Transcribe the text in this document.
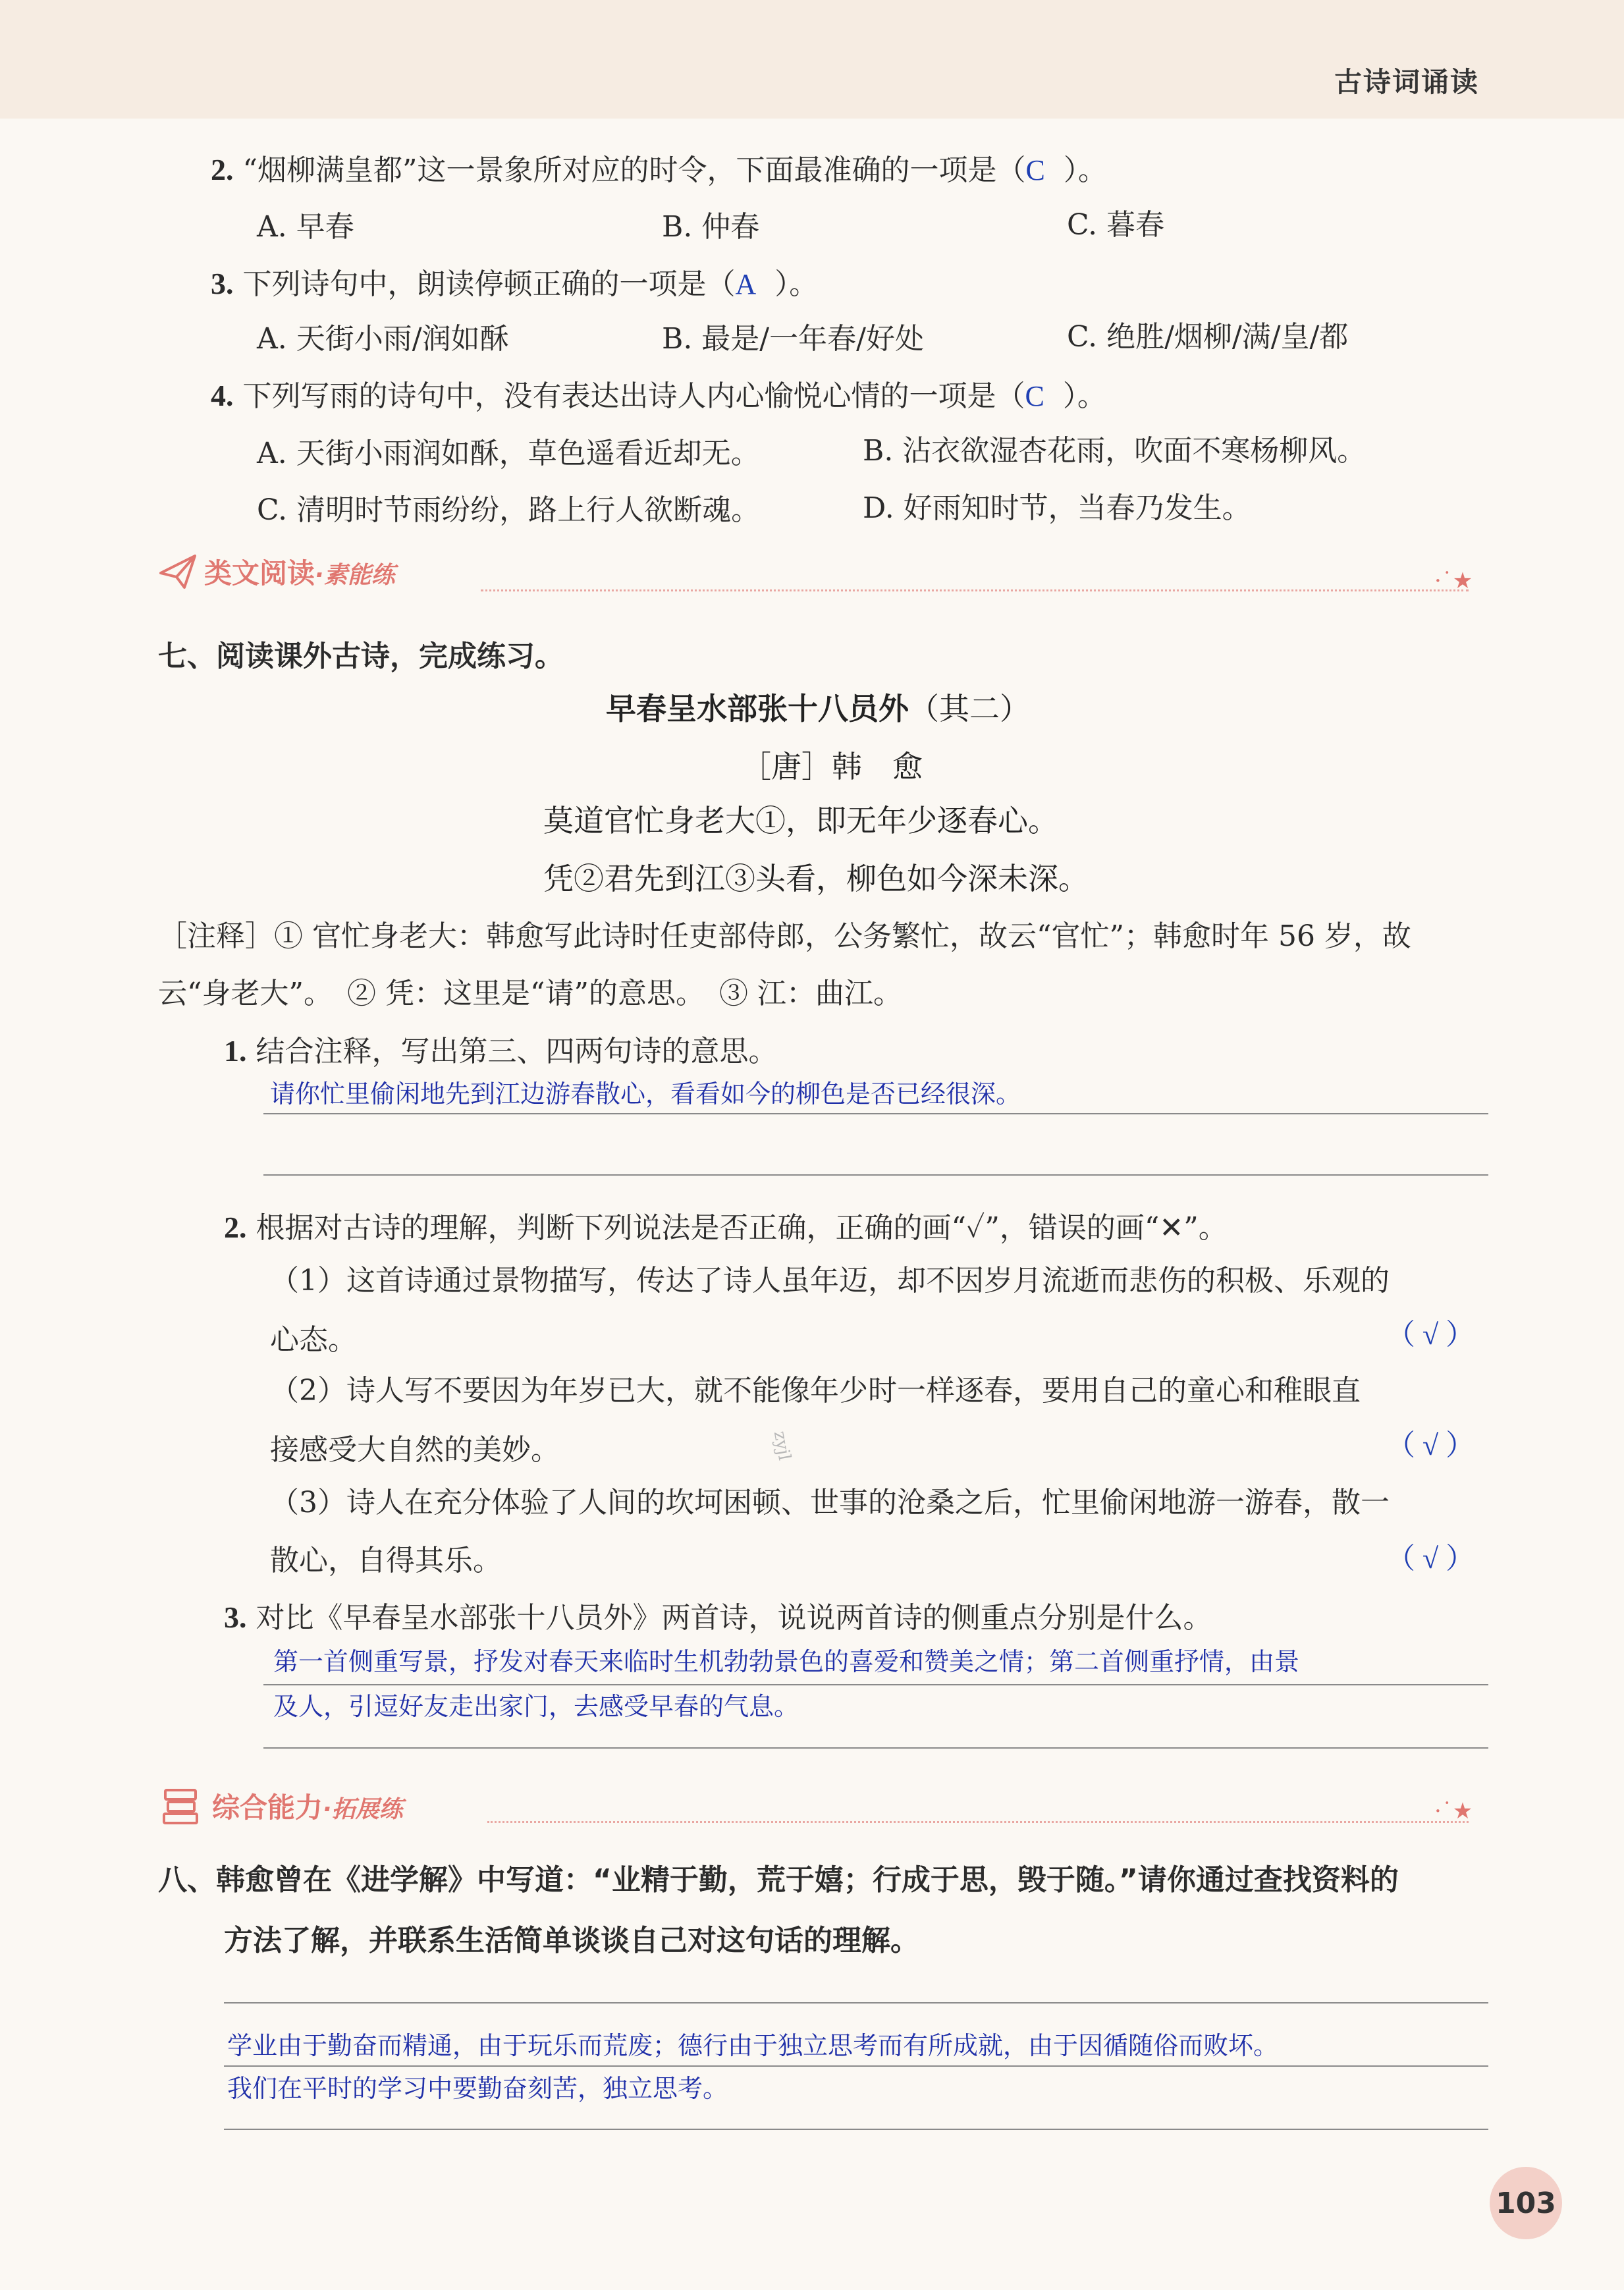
古诗词诵读
2. “烟柳满皇都”这一景象所对应的时令，下面最准确的一项是（C ）。
A. 早春	B. 仲春	C. 暮春
3. 下列诗句中，朗读停顿正确的一项是（A ）。
A. 天街小雨/润如酥	B. 最是/一年春/好处	C. 绝胜/烟柳/满/皇/都
4. 下列写雨的诗句中，没有表达出诗人内心愉悦心情的一项是（C ）。
A. 天街小雨润如酥，草色遥看近却无。	B. 沾衣欲湿杏花雨，吹面不寒杨柳风。
C. 清明时节雨纷纷，路上行人欲断魂。	D. 好雨知时节，当春乃发生。
类文阅读·素能练	·˙★
七、阅读课外古诗，完成练习。
早春呈水部张十八员外（其二）
［唐］韩　愈
莫道官忙身老大①，即无年少逐春心。
凭②君先到江③头看，柳色如今深未深。
［注释］① 官忙身老大：韩愈写此诗时任吏部侍郎，公务繁忙，故云“官忙”；韩愈时年 56 岁，故
云“身老大”。　② 凭：这里是“请”的意思。　③ 江：曲江。
1. 结合注释，写出第三、四两句诗的意思。
请你忙里偷闲地先到江边游春散心，看看如今的柳色是否已经很深。
2. 根据对古诗的理解，判断下列说法是否正确，正确的画“✓”，错误的画“✕”。
（1）这首诗通过景物描写，传达了诗人虽年迈，却不因岁月流逝而悲伤的积极、乐观的
心态。	（ √ ）
（2）诗人写不要因为年岁已大，就不能像年少时一样逐春，要用自己的童心和稚眼直
接感受大自然的美妙。	（ √ ）
（3）诗人在充分体验了人间的坎坷困顿、世事的沧桑之后，忙里偷闲地游一游春，散一
散心，自得其乐。	（ √ ）
zyjl
3. 对比《早春呈水部张十八员外》两首诗，说说两首诗的侧重点分别是什么。
第一首侧重写景，抒发对春天来临时生机勃勃景色的喜爱和赞美之情；第二首侧重抒情，由景
及人，引逗好友走出家门，去感受早春的气息。
综合能力·拓展练	·˙★
八、韩愈曾在《进学解》中写道：“业精于勤，荒于嬉；行成于思，毁于随。”请你通过查找资料的
方法了解，并联系生活简单谈谈自己对这句话的理解。
学业由于勤奋而精通，由于玩乐而荒废；德行由于独立思考而有所成就，由于因循随俗而败坏。
我们在平时的学习中要勤奋刻苦，独立思考。
103
